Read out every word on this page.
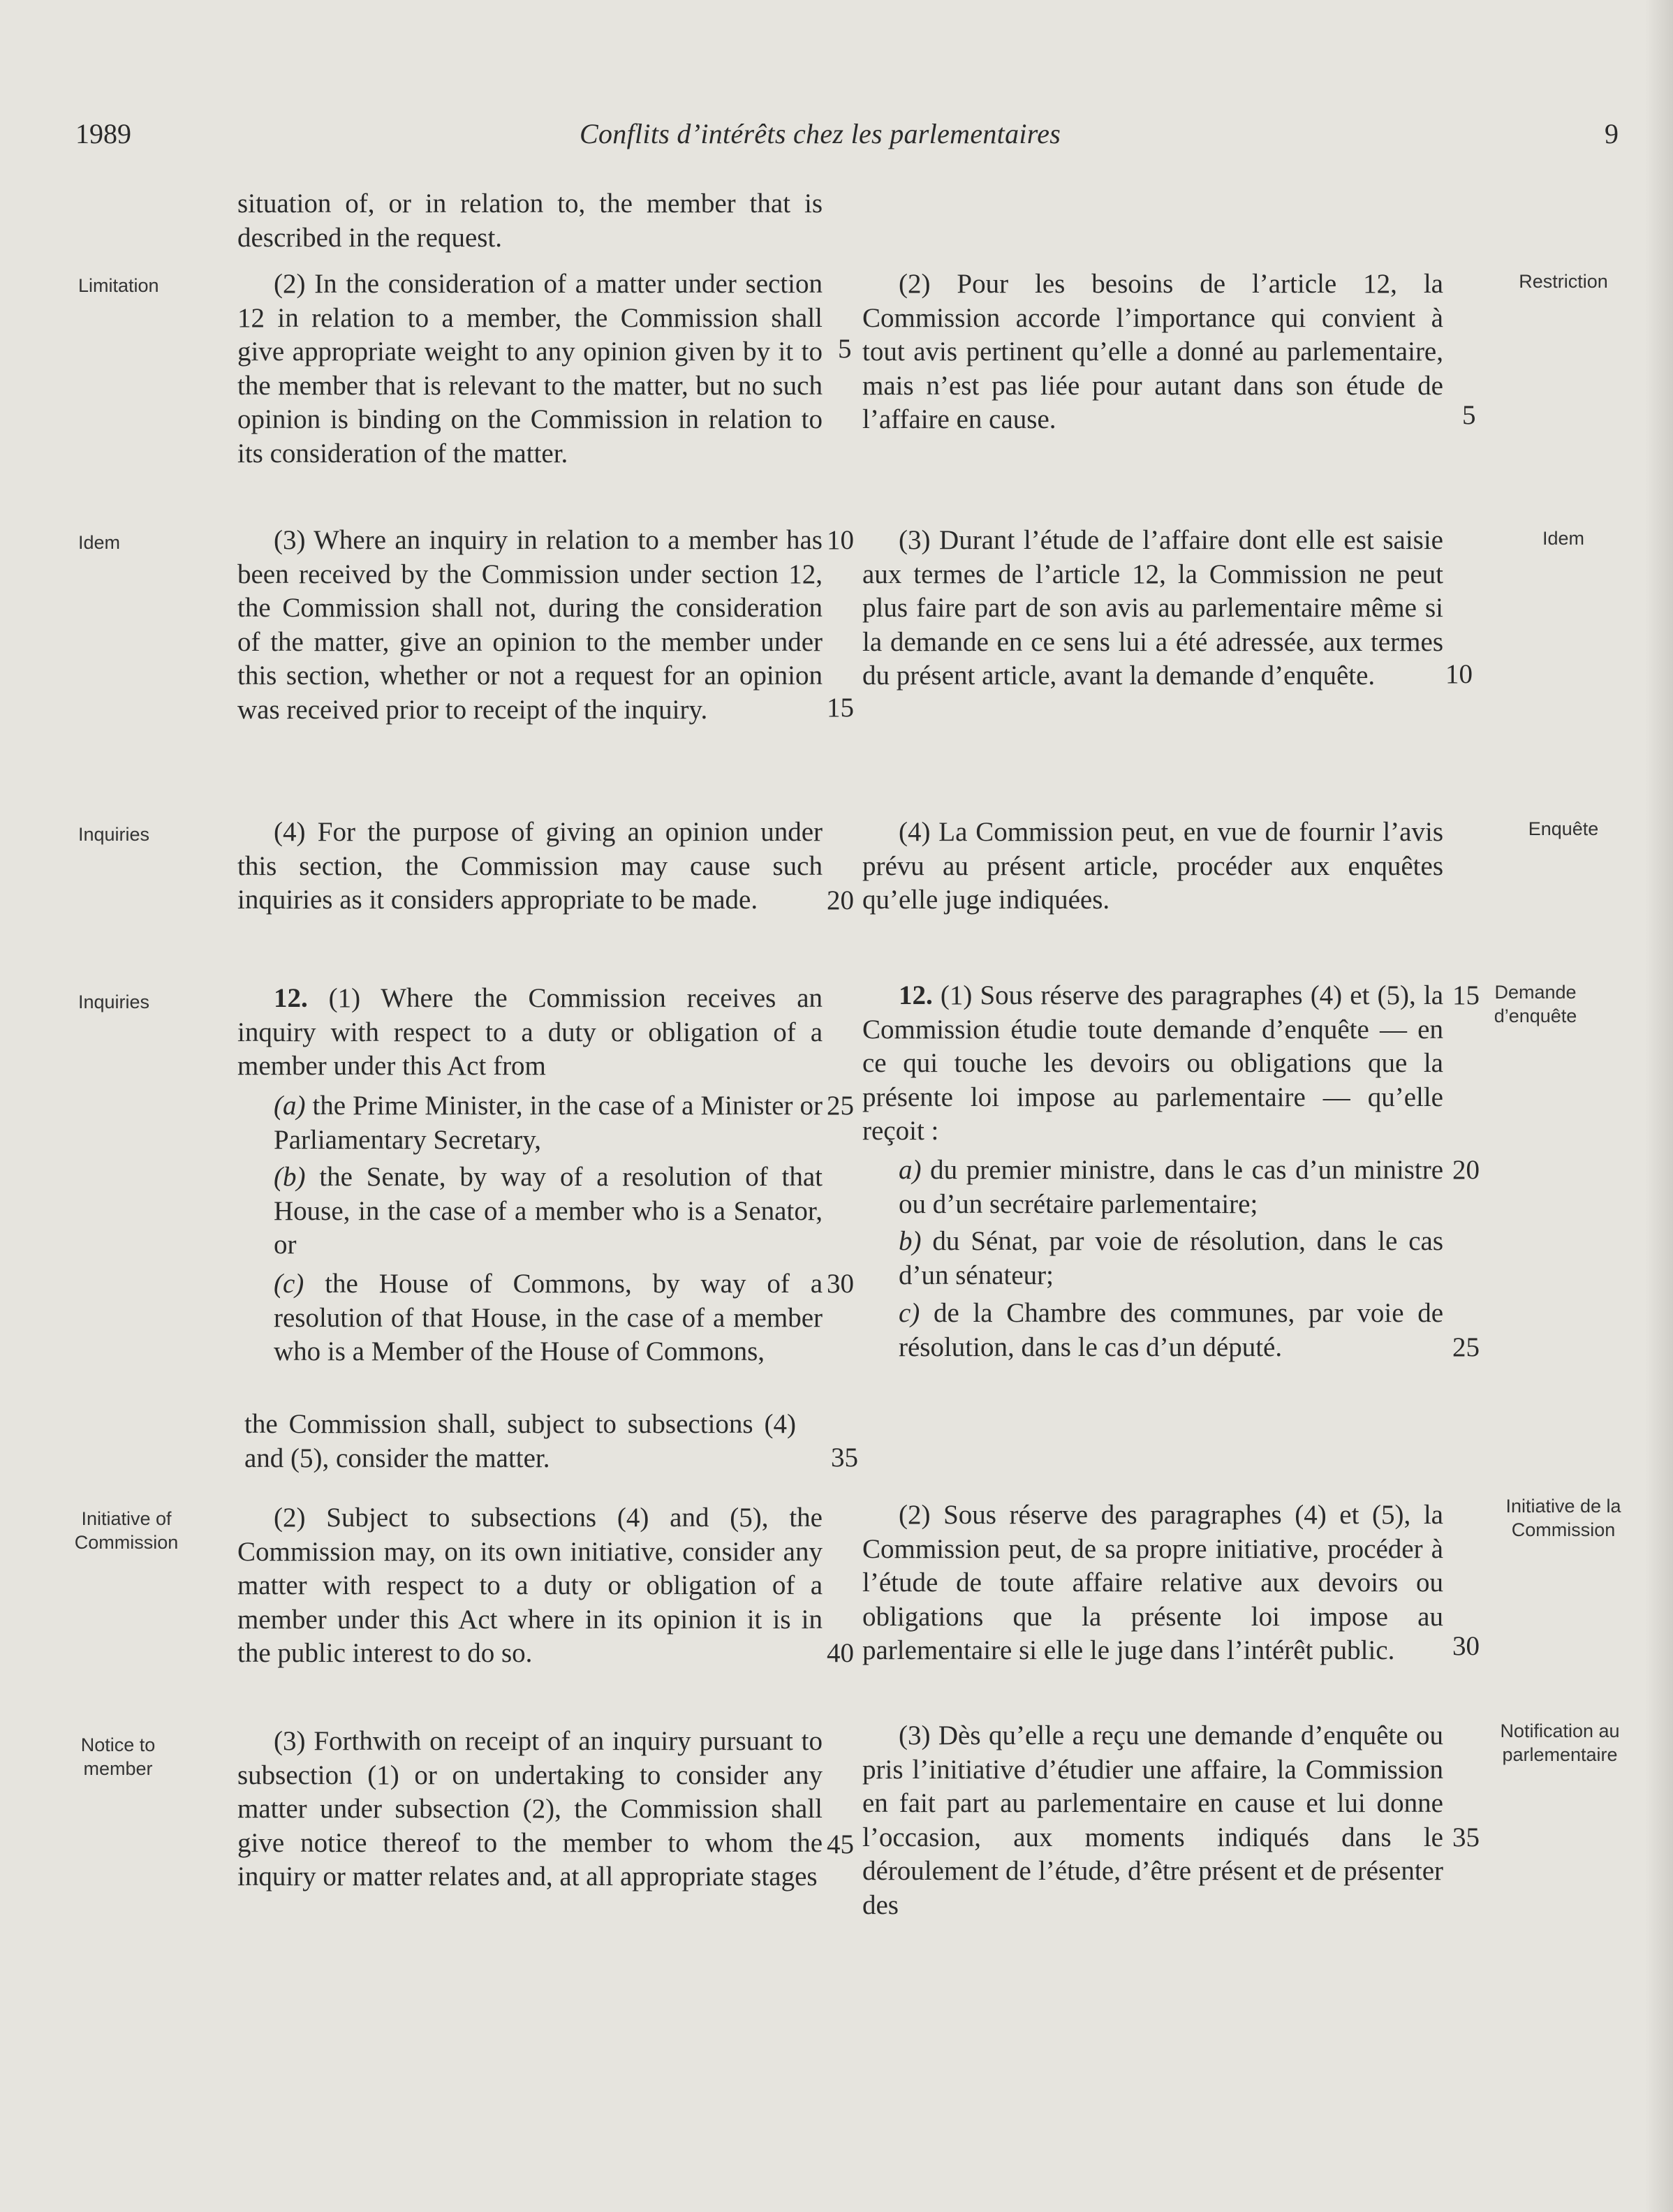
1989	Conflits d’intérêts chez les parlementaires	9
Limitation	Restriction
Idem	Idem
Inquiries	Enquête
Inquiries	Demande d’enquête
Initiative of Commission
Initiative de la Commission
Notice to member
Notification au parlementaire

situation of, or in relation to, the member that is described in the request.

(2) In the consideration of a matter under section 12 in relation to a member, the Commission shall give appropriate weight to any opinion given by it to the member that is relevant to the matter, but no such opinion is binding on the Commission in relation to its consideration of the matter.

(3) Where an inquiry in relation to a member has been received by the Commission under section 12, the Commission shall not, during the consideration of the matter, give an opinion to the member under this section, whether or not a request for an opinion was received prior to receipt of the inquiry.

(4) For the purpose of giving an opinion under this section, the Commission may cause such inquiries as it considers appropriate to be made.

12. (1) Where the Commission receives an inquiry with respect to a duty or obligation of a member under this Act from

(a) the Prime Minister, in the case of a Minister or Parliamentary Secretary,

(b) the Senate, by way of a resolution of that House, in the case of a member who is a Senator, or

(c) the House of Commons, by way of a resolution of that House, in the case of a member who is a Member of the House of Commons,

the Commission shall, subject to subsections (4) and (5), consider the matter.

(2) Subject to subsections (4) and (5), the Commission may, on its own initiative, consider any matter with respect to a duty or obligation of a member under this Act where in its opinion it is in the public interest to do so.

(3) Forthwith on receipt of an inquiry pursuant to subsection (1) or on undertaking to consider any matter under subsection (2), the Commission shall give notice thereof to the member to whom the inquiry or matter relates and, at all appropriate stages

5
10
15
20
25
30
35
40
45

(2) Pour les besoins de l’article 12, la Commission accorde l’importance qui convient à tout avis pertinent qu’elle a donné au parlementaire, mais n’est pas liée pour autant dans son étude de l’affaire en cause.

(3) Durant l’étude de l’affaire dont elle est saisie aux termes de l’article 12, la Commission ne peut plus faire part de son avis au parlementaire même si la demande en ce sens lui a été adressée, aux termes du présent article, avant la demande d’enquête.

(4) La Commission peut, en vue de fournir l’avis prévu au présent article, procéder aux enquêtes qu’elle juge indiquées.

12. (1) Sous réserve des paragraphes (4) et (5), la Commission étudie toute demande d’enquête — en ce qui touche les devoirs ou obligations que la présente loi impose au parlementaire — qu’elle reçoit :

a) du premier ministre, dans le cas d’un ministre ou d’un secrétaire parlementaire;

b) du Sénat, par voie de résolution, dans le cas d’un sénateur;

c) de la Chambre des communes, par voie de résolution, dans le cas d’un député.

(2) Sous réserve des paragraphes (4) et (5), la Commission peut, de sa propre initiative, procéder à l’étude de toute affaire relative aux devoirs ou obligations que la présente loi impose au parlementaire si elle le juge dans l’intérêt public.

(3) Dès qu’elle a reçu une demande d’enquête ou pris l’initiative d’étudier une affaire, la Commission en fait part au parlementaire en cause et lui donne l’occasion, aux moments indiqués dans le déroulement de l’étude, d’être présent et de présenter des

5
10
15
20
25
30
35
